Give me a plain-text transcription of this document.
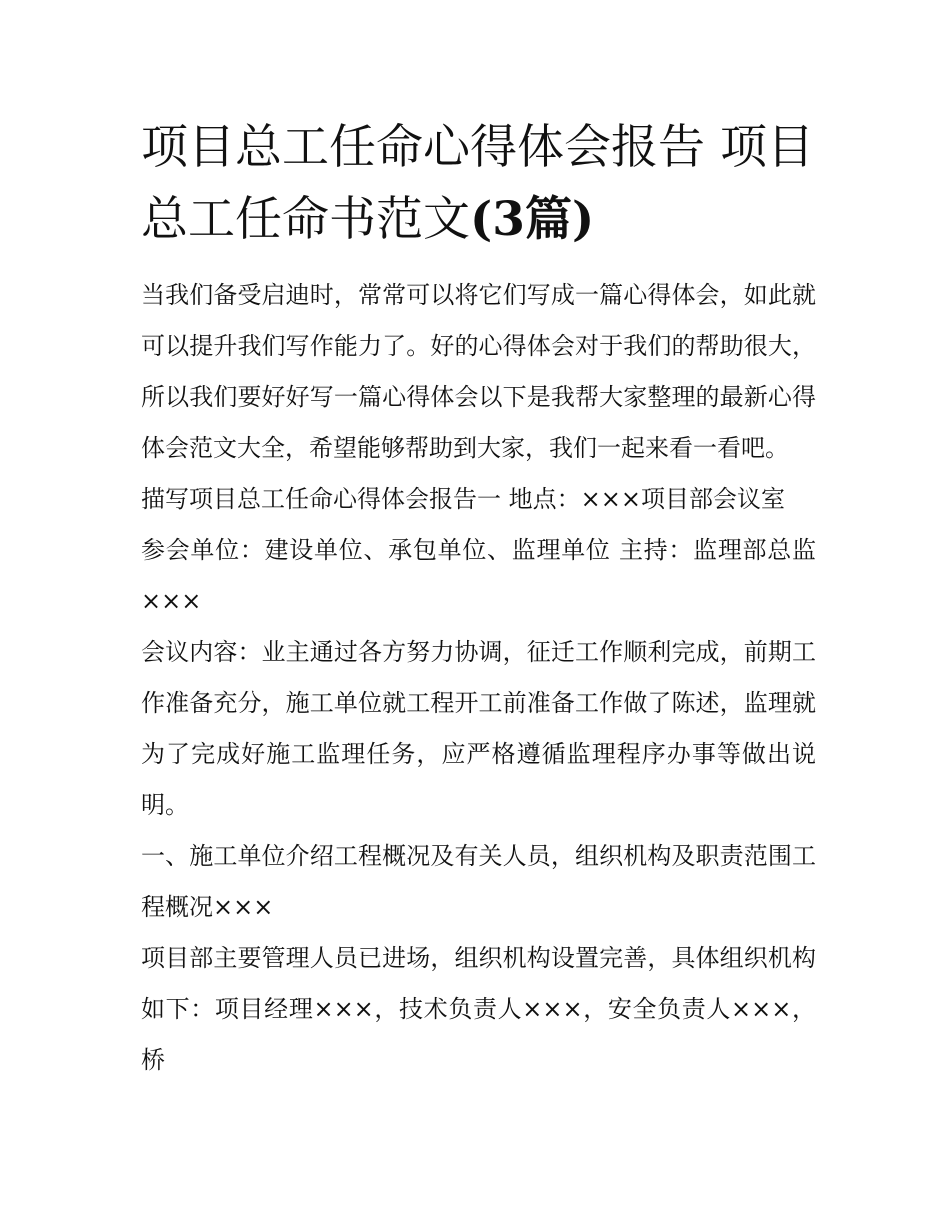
项目总工任命心得体会报告 项目总工任命书范文(3篇)

当我们备受启迪时，常常可以将它们写成一篇心得体会，如此就可以提升我们写作能力了。好的心得体会对于我们的帮助很大，所以我们要好好写一篇心得体会以下是我帮大家整理的最新心得体会范文大全，希望能够帮助到大家，我们一起来看一看吧。

描写项目总工任命心得体会报告一 地点：×××项目部会议室

参会单位：建设单位、承包单位、监理单位 主持：监理部总监×××

会议内容：业主通过各方努力协调，征迁工作顺利完成，前期工作准备充分，施工单位就工程开工前准备工作做了陈述，监理就为了完成好施工监理任务，应严格遵循监理程序办事等做出说明。

一、施工单位介绍工程概况及有关人员，组织机构及职责范围工程概况×××

项目部主要管理人员已进场，组织机构设置完善，具体组织机构如下：项目经理×××，技术负责人×××，安全负责人×××，桥
